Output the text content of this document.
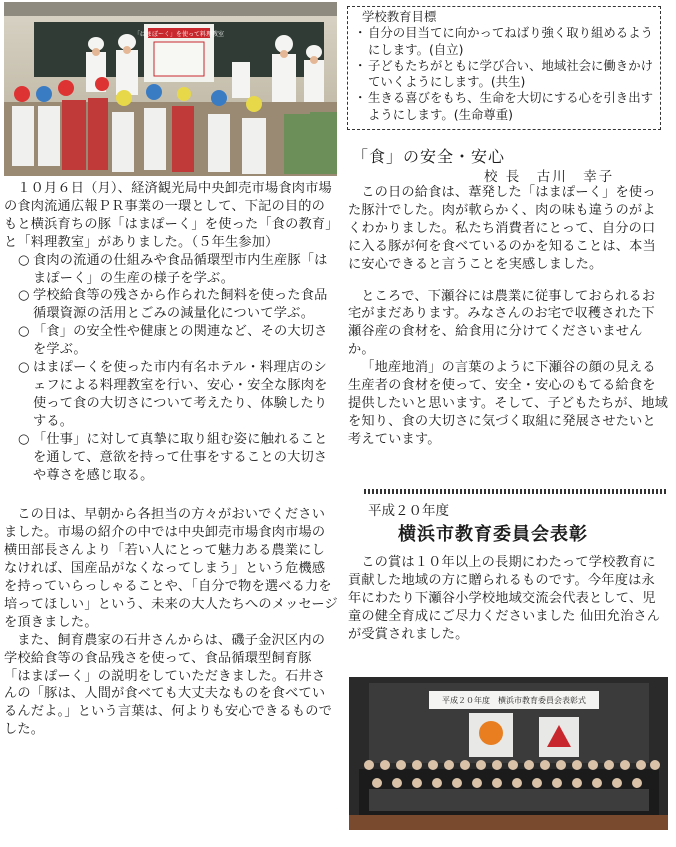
「はまぽーく」を使って料理教室
学校教育目標
・ 自分の目当てに向かってねばり強く取り組めるようにします。(自立)
・ 子どもたちがともに学び合い、地域社会に働きかけていくようにします。(共生)
・ 生きる喜びをもち、生命を大切にする心を引き出すようにします。(生命尊重)

１０月６日（月）、経済観光局中央卸売市場食肉市場の食肉流通広報ＰＲ事業の一環として、下記の目的のもと横浜育ちの豚「はまぽーく」を使った「食の教育」と「料理教室」がありました。（５年生参加）

○ 食肉の流通の仕組みや食品循環型市内生産豚「はまぽーく」の生産の様子を学ぶ。

○ 学校給食等の残さから作られた飼料を使った食品循環資源の活用とごみの減量化について学ぶ。

○ 「食」の安全性や健康との関連など、その大切さを学ぶ。

○ はまぽーくを使った市内有名ホテル・料理店のシェフによる料理教室を行い、安心・安全な豚肉を使って食の大切さについて考えたり、体験したりする。

○ 「仕事」に対して真摯に取り組む姿に触れることを通して、意欲を持って仕事をすることの大切さや尊さを感じ取る。

この日は、早朝から各担当の方々がおいでくださいました。市場の紹介の中では中央卸売市場食肉市場の横田部長さんより「若い人にとって魅力ある農業にしなければ、国産品がなくなってしまう」という危機感を持っていらっしゃることや、「自分で物を選べる力を培ってほしい」という、未来の大人たちへのメッセージを頂きました。

また、飼育農家の石井さんからは、磯子金沢区内の学校給食等の食品残さを使って、食品循環型飼育豚「はまぽーく」の説明をしていただきました。石井さんの「豚は、人間が食べても大丈夫なものを食べているんだよ。」という言葉は、何よりも安心できるものでした。

「食」の安全・安心
校 長　古川　幸子

この日の給食は、葦発した「はまぽーく」を使った豚汁でした。肉が軟らかく、肉の味も違うのがよくわかりました。私たち消費者にとって、自分の口に入る豚が何を食べているのかを知ることは、本当に安心できると言うことを実感しました。

ところで、下瀬谷には農業に従事しておられるお宅がまだあります。みなさんのお宅で収穫された下瀬谷産の食材を、給食用に分けてくださいませんか。

「地産地消」の言葉のように下瀬谷の顔の見える生産者の食材を使って、安全・安心のもてる給食を提供したいと思います。そして、子どもたちが、地域を知り、食の大切さに気づく取組に発展させたいと考えています。

平成２０年度
横浜市教育委員会表彰

この賞は１０年以上の長期にわたって学校教育に貢献した地域の方に贈られるものです。今年度は永年にわたり下瀬谷小学校地域交流会代表として、児童の健全育成にご尽力くださいました 仙田允治さんが受賞されました。

平成２０年度　横浜市教育委員会表彰式
